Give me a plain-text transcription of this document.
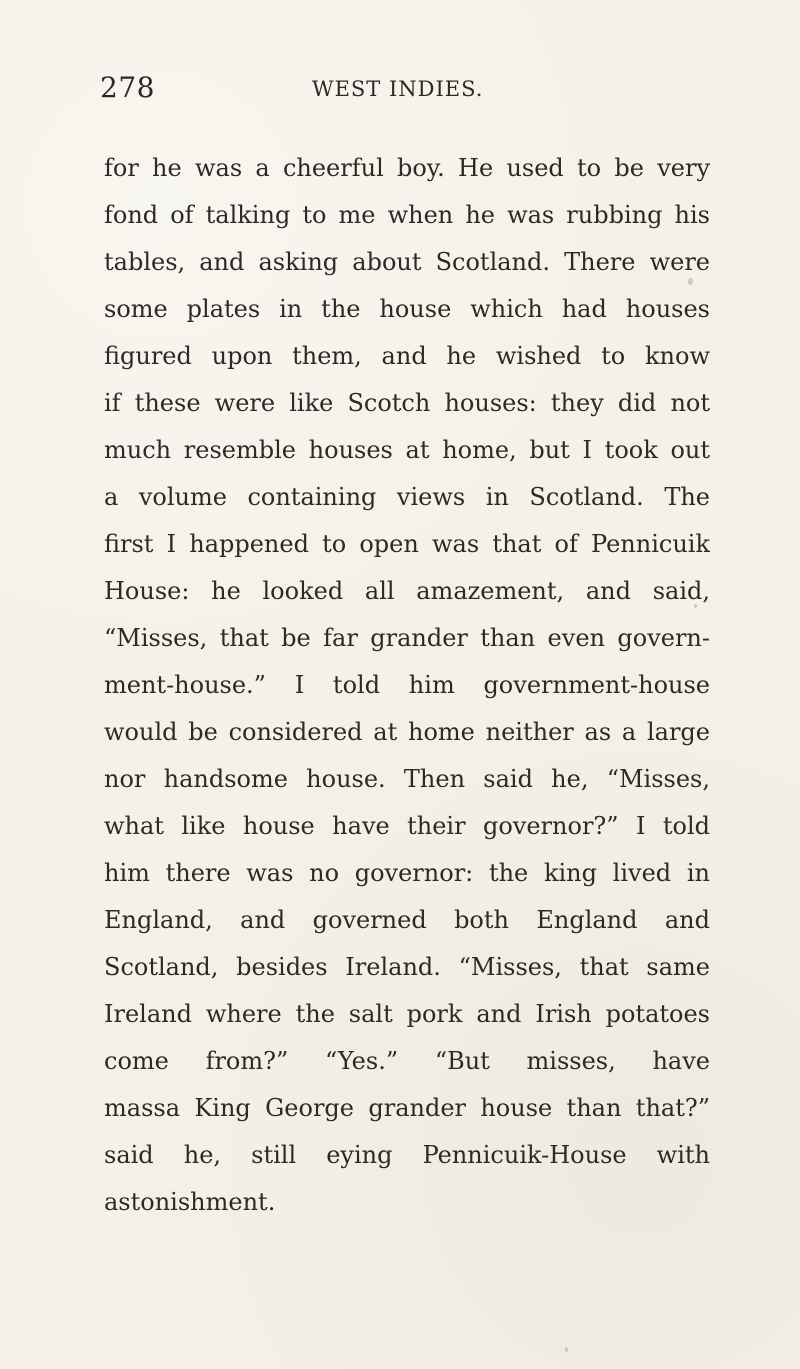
278	WEST INDIES.
for he was a cheerful boy. He used to be very
fond of talking to me when he was rubbing his
tables, and asking about Scotland. There were
some plates in the house which had houses
figured upon them, and he wished to know
if these were like Scotch houses: they did not
much resemble houses at home, but I took out
a volume containing views in Scotland. The
first I happened to open was that of Pennicuik
House: he looked all amazement, and said,
“Misses, that be far grander than even govern-
ment-house.” I told him government-house
would be considered at home neither as a large
nor handsome house. Then said he, “Misses,
what like house have their governor?” I told
him there was no governor: the king lived in
England, and governed both England and
Scotland, besides Ireland. “Misses, that same
Ireland where the salt pork and Irish potatoes
come from?” “Yes.” “But misses, have
massa King George grander house than that?”
said he, still eying Pennicuik-House with
astonishment.
